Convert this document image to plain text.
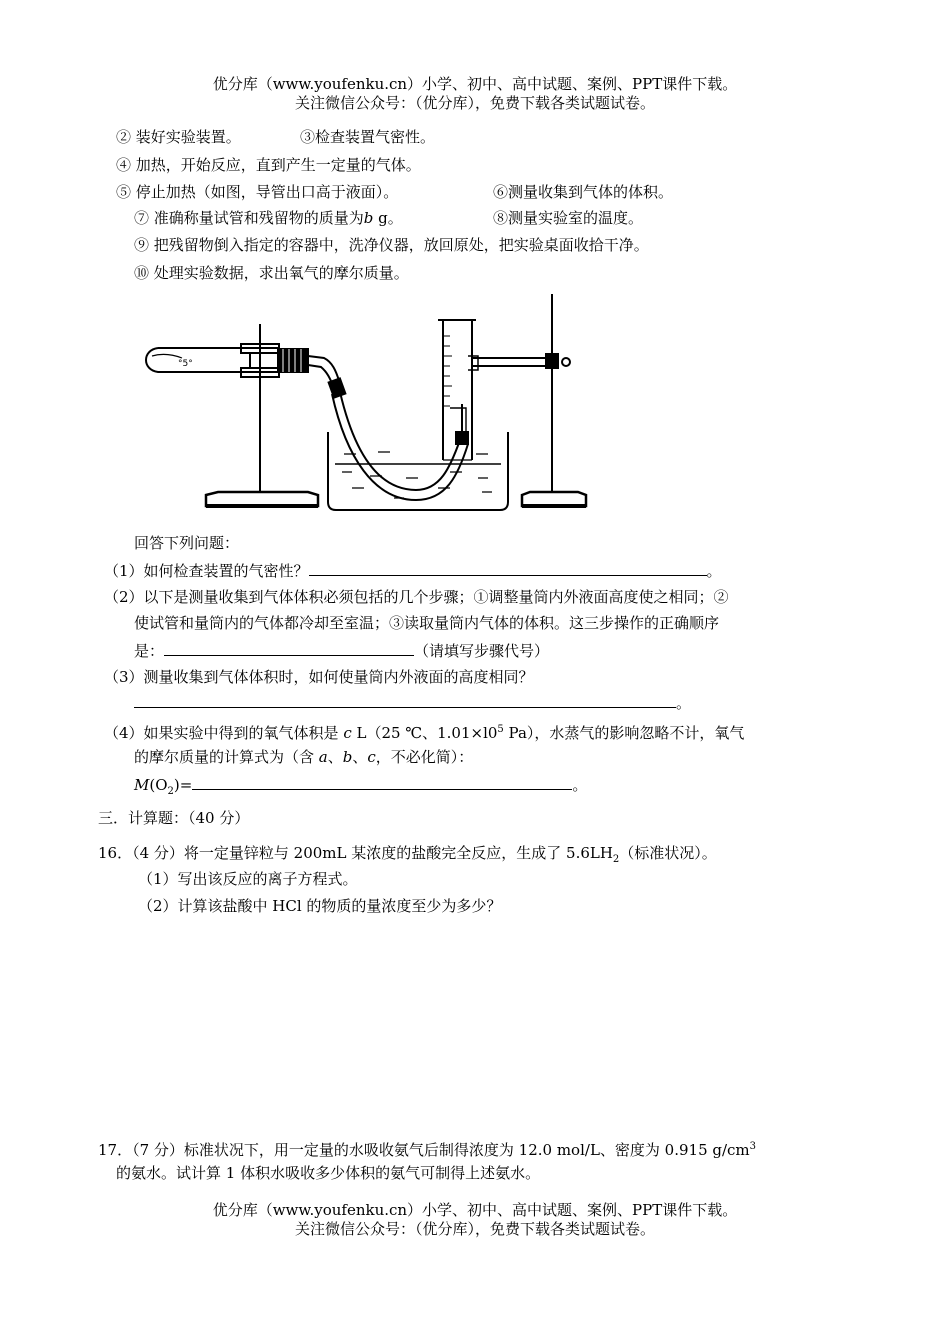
优分库（www.youfenku.cn）小学、初中、高中试题、案例、PPT课件下载。
关注微信公众号：（优分库），免费下载各类试题试卷。
② 装好实验装置。	③检查装置气密性。
④ 加热，开始反应，直到产生一定量的气体。
⑤ 停止加热（如图，导管出口高于液面）。	⑥测量收集到气体的体积。
⑦ 准确称量试管和残留物的质量为b g。	⑧测量实验室的温度。
⑨ 把残留物倒入指定的容器中，洗净仪器，放回原处，把实验桌面收拾干净。
⑩ 处理实验数据，求出氧气的摩尔质量。
°5°
回答下列问题：
（1）如何检查装置的气密性？	。
（2）以下是测量收集到气体体积必须包括的几个步骤；①调整量筒内外液面高度使之相同；②
使试管和量筒内的气体都冷却至室温；③读取量筒内气体的体积。这三步操作的正确顺序
是：	（请填写步骤代号）
（3）测量收集到气体体积时，如何使量筒内外液面的高度相同？
。
（4）如果实验中得到的氧气体积是 c L（25 ℃、$1.01\times l0^5$ Pa），水蒸气的影响忽略不计，氧气
的摩尔质量的计算式为（含 a、b、c，不必化简）：
$M(O_2)=$	。
三．计算题：（40 分）
16．（4 分）将一定量锌粒与 200mL 某浓度的盐酸完全反应，生成了 $5.6LH_2$（标准状况）。
（1）写出该反应的离子方程式。
（2）计算该盐酸中 HCl 的物质的量浓度至少为多少？
17．（7 分）标准状况下，用一定量的水吸收氨气后制得浓度为 12.0 mol/L、密度为 0.915 $g/cm^3$
的氨水。试计算 1 体积水吸收多少体积的氨气可制得上述氨水。
优分库（www.youfenku.cn）小学、初中、高中试题、案例、PPT课件下载。
关注微信公众号：（优分库），免费下载各类试题试卷。
